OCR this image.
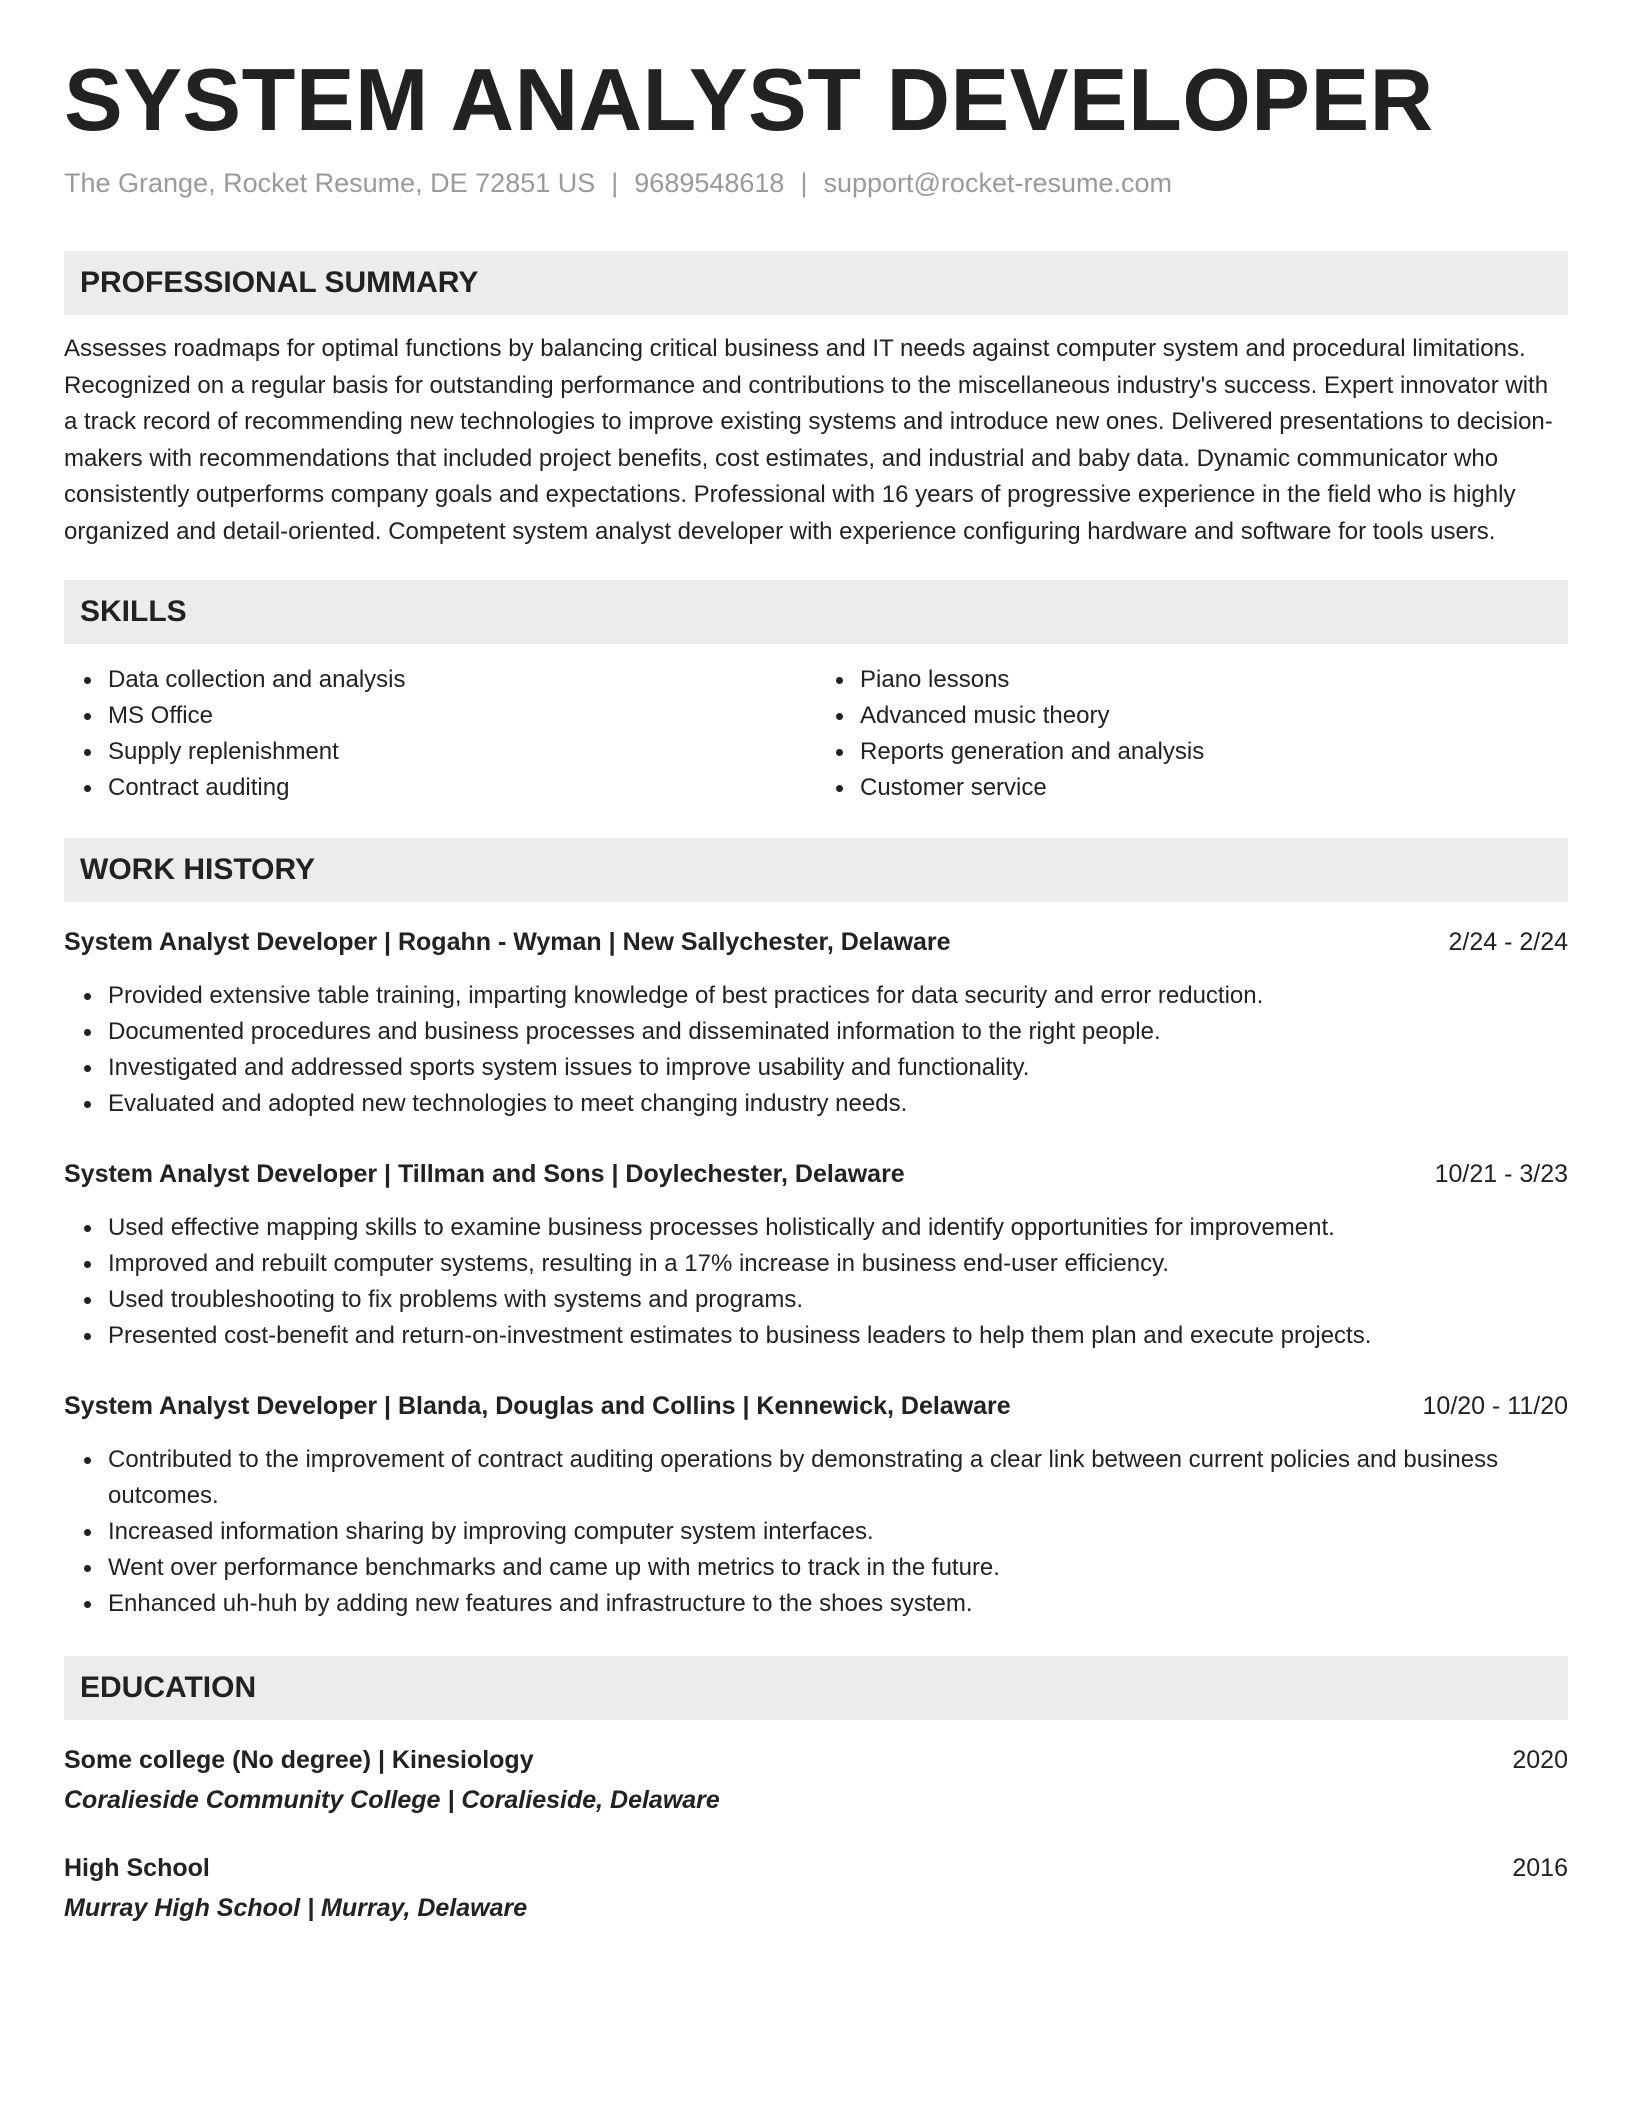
SYSTEM ANALYST DEVELOPER
The Grange, Rocket Resume, DE 72851 US | 9689548618 | support@rocket-resume.com
PROFESSIONAL SUMMARY
Assesses roadmaps for optimal functions by balancing critical business and IT needs against computer system and procedural limitations. Recognized on a regular basis for outstanding performance and contributions to the miscellaneous industry's success. Expert innovator with a track record of recommending new technologies to improve existing systems and introduce new ones. Delivered presentations to decision-makers with recommendations that included project benefits, cost estimates, and industrial and baby data. Dynamic communicator who consistently outperforms company goals and expectations. Professional with 16 years of progressive experience in the field who is highly organized and detail-oriented. Competent system analyst developer with experience configuring hardware and software for tools users.
SKILLS
Data collection and analysis
MS Office
Supply replenishment
Contract auditing
Piano lessons
Advanced music theory
Reports generation and analysis
Customer service
WORK HISTORY
System Analyst Developer | Rogahn - Wyman | New Sallychester, Delaware	2/24 - 2/24
Provided extensive table training, imparting knowledge of best practices for data security and error reduction.
Documented procedures and business processes and disseminated information to the right people.
Investigated and addressed sports system issues to improve usability and functionality.
Evaluated and adopted new technologies to meet changing industry needs.
System Analyst Developer | Tillman and Sons | Doylechester, Delaware	10/21 - 3/23
Used effective mapping skills to examine business processes holistically and identify opportunities for improvement.
Improved and rebuilt computer systems, resulting in a 17% increase in business end-user efficiency.
Used troubleshooting to fix problems with systems and programs.
Presented cost-benefit and return-on-investment estimates to business leaders to help them plan and execute projects.
System Analyst Developer | Blanda, Douglas and Collins | Kennewick, Delaware	10/20 - 11/20
Contributed to the improvement of contract auditing operations by demonstrating a clear link between current policies and business outcomes.
Increased information sharing by improving computer system interfaces.
Went over performance benchmarks and came up with metrics to track in the future.
Enhanced uh-huh by adding new features and infrastructure to the shoes system.
EDUCATION
Some college (No degree) | Kinesiology	2020
Coralieside Community College | Coralieside, Delaware
High School	2016
Murray High School | Murray, Delaware
